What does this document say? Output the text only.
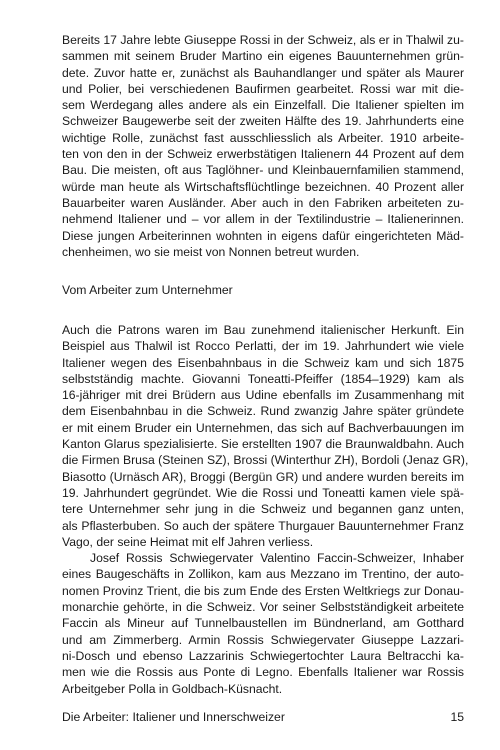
Bereits 17 Jahre lebte Giuseppe Rossi in der Schweiz, als er in Thalwil zu-
sammen mit seinem Bruder Martino ein eigenes Bauunternehmen grün-
dete. Zuvor hatte er, zunächst als Bauhandlanger und später als Maurer
und Polier, bei verschiedenen Baufirmen gearbeitet. Rossi war mit die-
sem Werdegang alles andere als ein Einzelfall. Die Italiener spielten im
Schweizer Baugewerbe seit der zweiten Hälfte des 19. Jahrhunderts eine
wichtige Rolle, zunächst fast ausschliesslich als Arbeiter. 1910 arbeite-
ten von den in der Schweiz erwerbstätigen Italienern 44 Prozent auf dem
Bau. Die meisten, oft aus Taglöhner- und Kleinbauernfamilien stammend,
würde man heute als Wirtschaftsflüchtlinge bezeichnen. 40 Prozent aller
Bauarbeiter waren Ausländer. Aber auch in den Fabriken arbeiteten zu-
nehmend Italiener und – vor allem in der Textilindustrie – Italienerinnen.
Diese jungen Arbeiterinnen wohnten in eigens dafür eingerichteten Mäd-
chenheimen, wo sie meist von Nonnen betreut wurden.
Vom Arbeiter zum Unternehmer
Auch die Patrons waren im Bau zunehmend italienischer Herkunft. Ein
Beispiel aus Thalwil ist Rocco Perlatti, der im 19. Jahrhundert wie viele
Italiener wegen des Eisenbahnbaus in die Schweiz kam und sich 1875
selbstständig machte. Giovanni Toneatti-Pfeiffer (1854–1929) kam als
16-jähriger mit drei Brüdern aus Udine ebenfalls im Zusammenhang mit
dem Eisenbahnbau in die Schweiz. Rund zwanzig Jahre später gründete
er mit einem Bruder ein Unternehmen, das sich auf Bachverbauungen im
Kanton Glarus spezialisierte. Sie erstellten 1907 die Braunwaldbahn. Auch
die Firmen Brusa (Steinen SZ), Brossi (Winterthur ZH), Bordoli (Jenaz GR),
Biasotto (Urnäsch AR), Broggi (Bergün GR) und andere wurden bereits im
19. Jahrhundert gegründet. Wie die Rossi und Toneatti kamen viele spä-
tere Unternehmer sehr jung in die Schweiz und begannen ganz unten,
als Pflasterbuben. So auch der spätere Thurgauer Bauunternehmer Franz
Vago, der seine Heimat mit elf Jahren verliess.
Josef Rossis Schwiegervater Valentino Faccin-Schweizer, Inhaber
eines Baugeschäfts in Zollikon, kam aus Mezzano im Trentino, der auto-
nomen Provinz Trient, die bis zum Ende des Ersten Weltkriegs zur Donau-
monarchie gehörte, in die Schweiz. Vor seiner Selbstständigkeit arbeitete
Faccin als Mineur auf Tunnelbaustellen im Bündnerland, am Gotthard
und am Zimmerberg. Armin Rossis Schwiegervater Giuseppe Lazzari-
ni-Dosch und ebenso Lazzarinis Schwiegertochter Laura Beltracchi ka-
men wie die Rossis aus Ponte di Legno. Ebenfalls Italiener war Rossis
Arbeitgeber Polla in Goldbach-Küsnacht.
Die Arbeiter: Italiener und Innerschweizer	15
